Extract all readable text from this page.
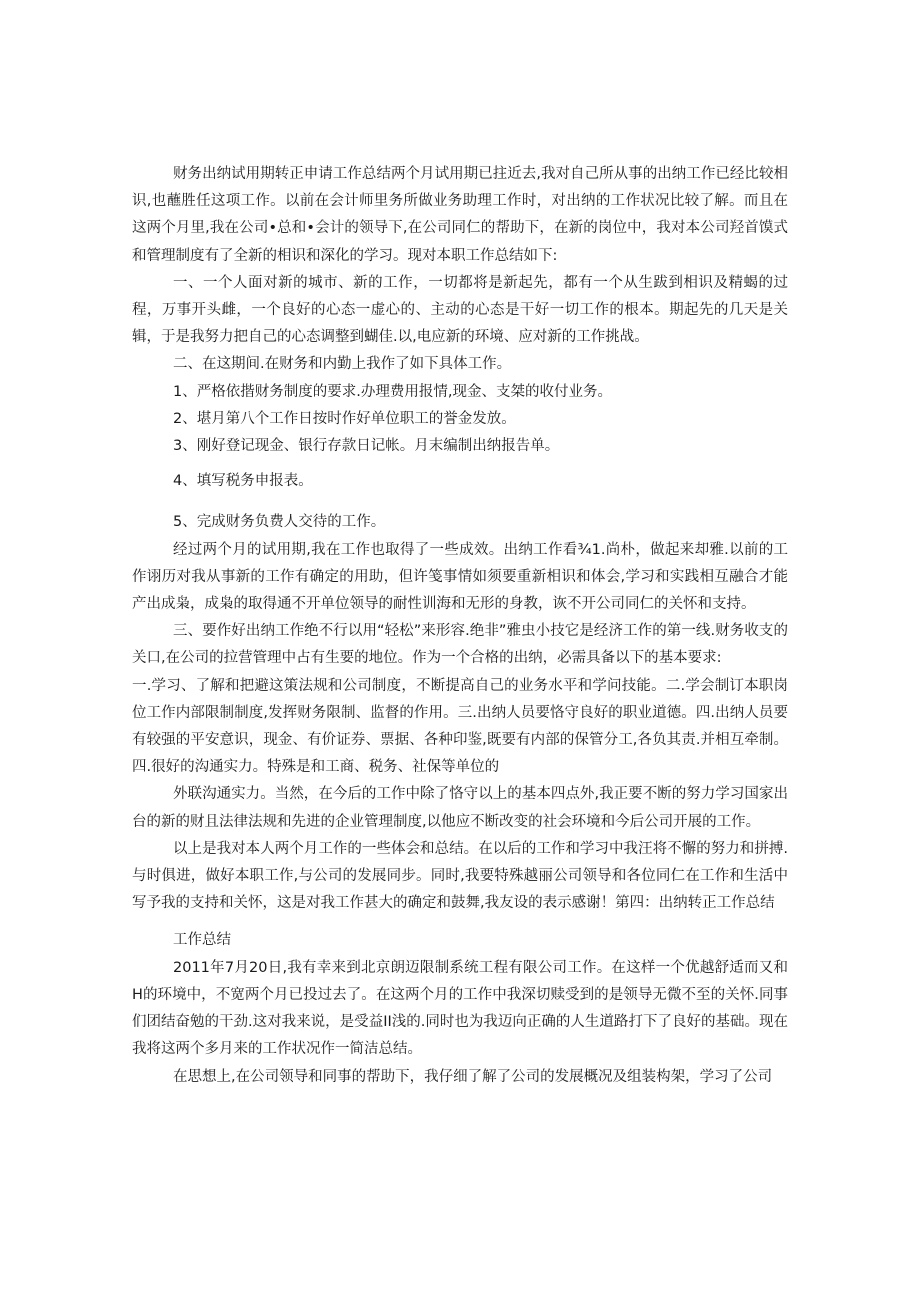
财务出纳试用期转正申请工作总结两个月试用期已拄近去,我对自己所从事的出纳工作已经比较相识,也蘸胜任这项工作。以前在会计师里务所做业务助理工作时，对出纳的工作状况比较了解。而且在这两个月里,我在公司•总和•会计的领导下,在公司同仁的帮助下，在新的岗位中，我对本公司羟首馍式和管理制度有了全新的相识和深化的学习。现对本职工作总结如下:

一、一个人面对新的城市、新的工作，一切都将是新起先，都有一个从生跋到相识及精蝎的过程，万事开头雌，一个良好的心态一虚心的、主动的心态是干好一切工作的根本。期起先的几天是关辑，于是我努力把自己的心态调整到蝴佳.以,电应新的环境、应对新的工作挑战。

二、在这期间.在财务和内勤上我作了如下具体工作。

1、严格依揩财务制度的要求.办理费用报情,现金、支桀的收付业务。

2、堪月第八个工作日按时作好单位职工的誉金发放。

3、刚好登记现金、银行存款日记帐。月末编制出纳报告单。

4、填写税务申报表。

5、完成财务负费人交待的工作。

经过两个月的试用期,我在工作也取得了一些成效。出纳工作看¾1.尚朴，做起来却雅.以前的工作诩历对我从事新的工作有确定的用助，但许笺事情如须要重新相识和体会,学习和实践相互融合才能产出成枭，成枭的取得通不开单位领导的耐性训海和无形的身教，诙不开公司同仁的关怀和支持。

三、要作好出纳工作绝不行以用“轻松”来形容.绝非”雅虫小技它是经济工作的第一线.财务收支的关口,在公司的拉营管理中占有生要的地位。作为一个合格的出纳，必需具备以下的基本要求:

一.学习、了解和把避这策法规和公司制度，不断提高自己的业务水平和学问技能。二.学会制订本职岗位工作内部限制制度,发挥财务限制、监督的作用。三.出纳人员要恪守良好的职业道德。四.出纳人员要有较强的平安意识，现金、有价证券、票据、各种印鉴,既要有内部的保管分工,各负其责.并相互牵制。四.很好的沟通实力。特殊是和工商、税务、社保等单位的

外联沟通实力。当然，在今后的工作中除了恪守以上的基本四点外,我正要不断的努力学习国家出台的新的财且法律法规和先进的企业管理制度,以他应不断改变的社会环境和今后公司开展的工作。

以上是我对本人两个月工作的一些体会和总结。在以后的工作和学习中我汪将不懈的努力和拼搏.与时俱进，做好本职工作,与公司的发展同步。同时,我要特殊越丽公司领导和各位同仁在工作和生活中写予我的支持和关怀，这是对我工作甚大的确定和鼓舞,我友设的表示感谢！第四：出纳转正工作总结

工作总结

2011年7月20日,我有幸来到北京朗迈限制系统工程有限公司工作。在这样一个优越舒适而又和H的环境中，不宽两个月已投过去了。在这两个月的工作中我深切赎受到的是领导无微不至的关怀.同事们团结奋勉的干劲.这对我来说，是受益II浅的.同时也为我迈向正确的人生道路打下了良好的基础。现在我将这两个多月来的工作状况作一简洁总结。

在思想上,在公司领导和同事的帮助下，我仔细了解了公司的发展概况及组装构架，学习了公司
